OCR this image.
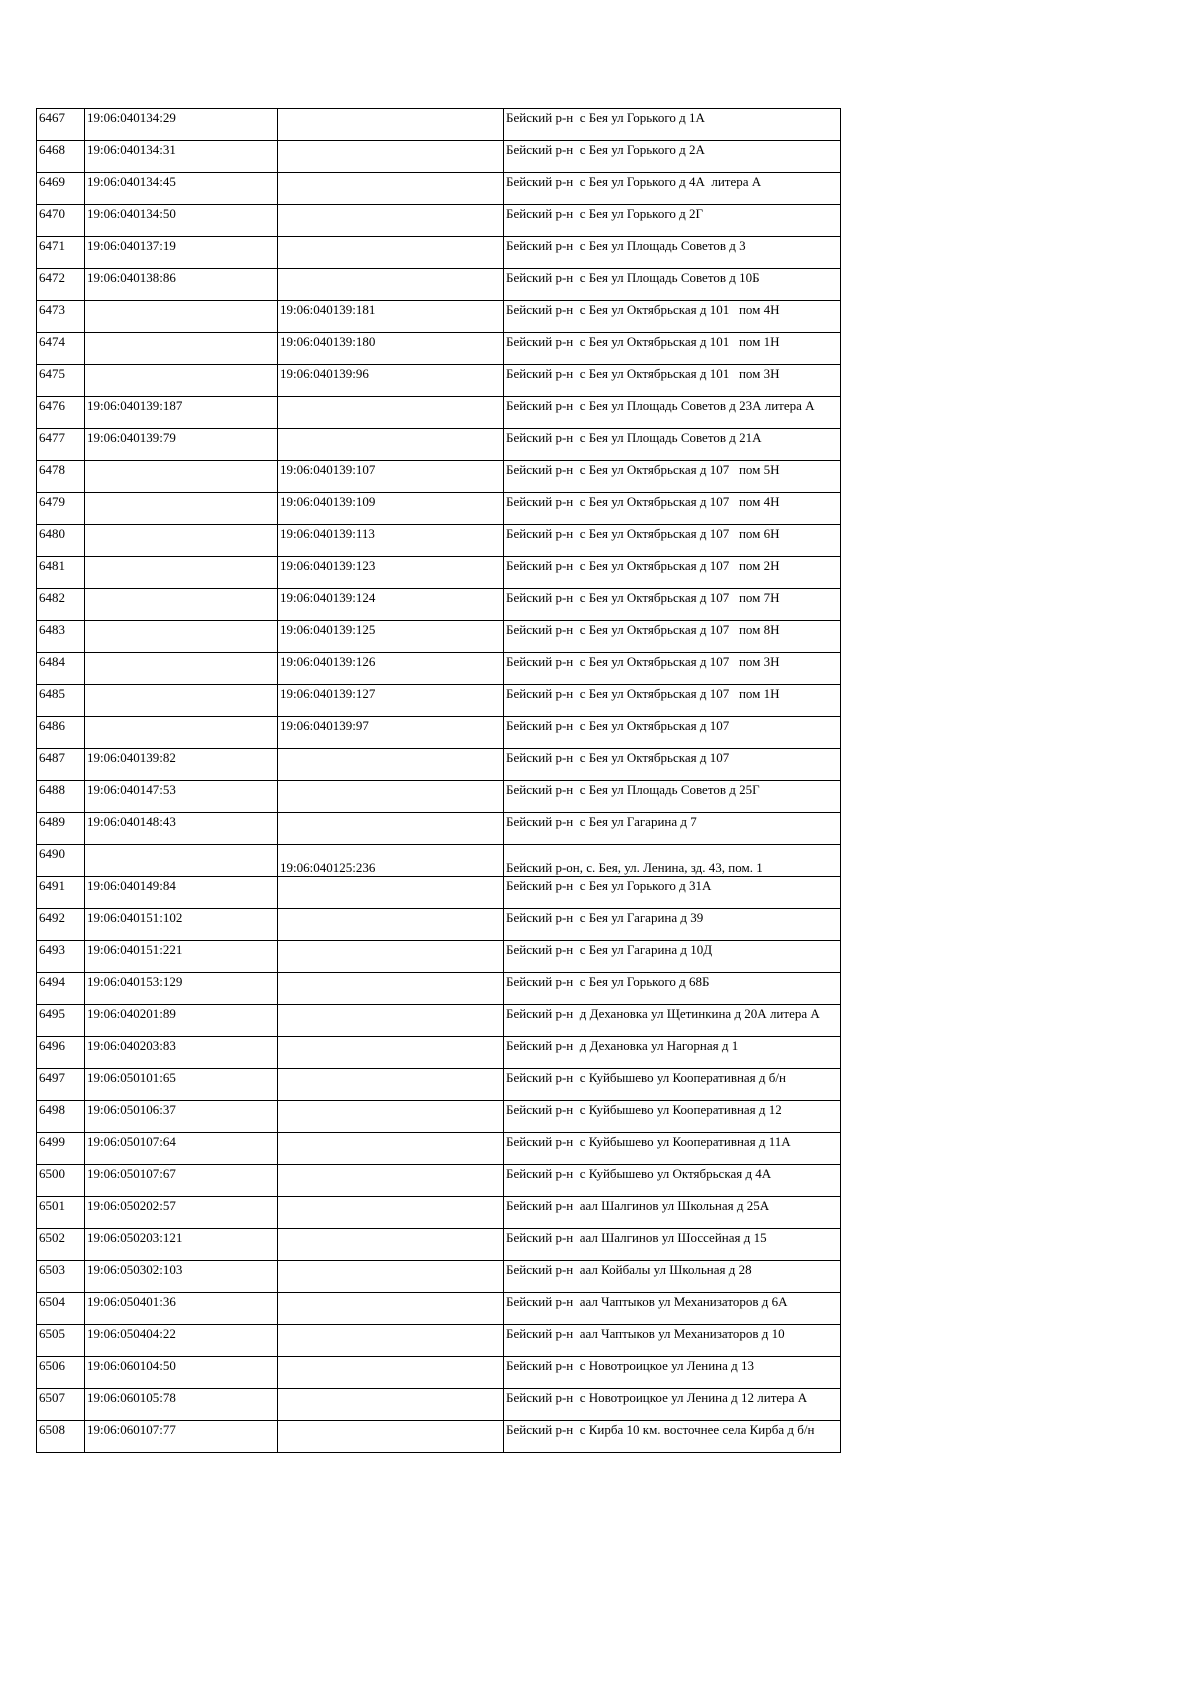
6467	19:06:040134:29		Бейский р-н  с Бея ул Горького д 1А
6468	19:06:040134:31		Бейский р-н  с Бея ул Горького д 2А
6469	19:06:040134:45		Бейский р-н  с Бея ул Горького д 4А  литера А
6470	19:06:040134:50		Бейский р-н  с Бея ул Горького д 2Г
6471	19:06:040137:19		Бейский р-н  с Бея ул Площадь Советов д 3
6472	19:06:040138:86		Бейский р-н  с Бея ул Площадь Советов д 10Б
6473		19:06:040139:181	Бейский р-н  с Бея ул Октябрьская д 101   пом 4Н
6474		19:06:040139:180	Бейский р-н  с Бея ул Октябрьская д 101   пом 1Н
6475		19:06:040139:96	Бейский р-н  с Бея ул Октябрьская д 101   пом 3Н
6476	19:06:040139:187		Бейский р-н  с Бея ул Площадь Советов д 23А литера А
6477	19:06:040139:79		Бейский р-н  с Бея ул Площадь Советов д 21А
6478		19:06:040139:107	Бейский р-н  с Бея ул Октябрьская д 107   пом 5Н
6479		19:06:040139:109	Бейский р-н  с Бея ул Октябрьская д 107   пом 4Н
6480		19:06:040139:113	Бейский р-н  с Бея ул Октябрьская д 107   пом 6Н
6481		19:06:040139:123	Бейский р-н  с Бея ул Октябрьская д 107   пом 2Н
6482		19:06:040139:124	Бейский р-н  с Бея ул Октябрьская д 107   пом 7Н
6483		19:06:040139:125	Бейский р-н  с Бея ул Октябрьская д 107   пом 8Н
6484		19:06:040139:126	Бейский р-н  с Бея ул Октябрьская д 107   пом 3Н
6485		19:06:040139:127	Бейский р-н  с Бея ул Октябрьская д 107   пом 1Н
6486		19:06:040139:97	Бейский р-н  с Бея ул Октябрьская д 107
6487	19:06:040139:82		Бейский р-н  с Бея ул Октябрьская д 107
6488	19:06:040147:53		Бейский р-н  с Бея ул Площадь Советов д 25Г
6489	19:06:040148:43		Бейский р-н  с Бея ул Гагарина д 7
6490		19:06:040125:236	Бейский р-он, с. Бея, ул. Ленина, зд. 43, пом. 1
6491	19:06:040149:84		Бейский р-н  с Бея ул Горького д 31А
6492	19:06:040151:102		Бейский р-н  с Бея ул Гагарина д 39
6493	19:06:040151:221		Бейский р-н  с Бея ул Гагарина д 10Д
6494	19:06:040153:129		Бейский р-н  с Бея ул Горького д 68Б
6495	19:06:040201:89		Бейский р-н  д Дехановка ул Щетинкина д 20А литера А
6496	19:06:040203:83		Бейский р-н  д Дехановка ул Нагорная д 1
6497	19:06:050101:65		Бейский р-н  с Куйбышево ул Кооперативная д б/н
6498	19:06:050106:37		Бейский р-н  с Куйбышево ул Кооперативная д 12
6499	19:06:050107:64		Бейский р-н  с Куйбышево ул Кооперативная д 11А
6500	19:06:050107:67		Бейский р-н  с Куйбышево ул Октябрьская д 4А
6501	19:06:050202:57		Бейский р-н  аал Шалгинов ул Школьная д 25А
6502	19:06:050203:121		Бейский р-н  аал Шалгинов ул Шоссейная д 15
6503	19:06:050302:103		Бейский р-н  аал Койбалы ул Школьная д 28
6504	19:06:050401:36		Бейский р-н  аал Чаптыков ул Механизаторов д 6А
6505	19:06:050404:22		Бейский р-н  аал Чаптыков ул Механизаторов д 10
6506	19:06:060104:50		Бейский р-н  с Новотроицкое ул Ленина д 13
6507	19:06:060105:78		Бейский р-н  с Новотроицкое ул Ленина д 12 литера А
6508	19:06:060107:77		Бейский р-н  с Кирба 10 км. восточнее села Кирба д б/н
